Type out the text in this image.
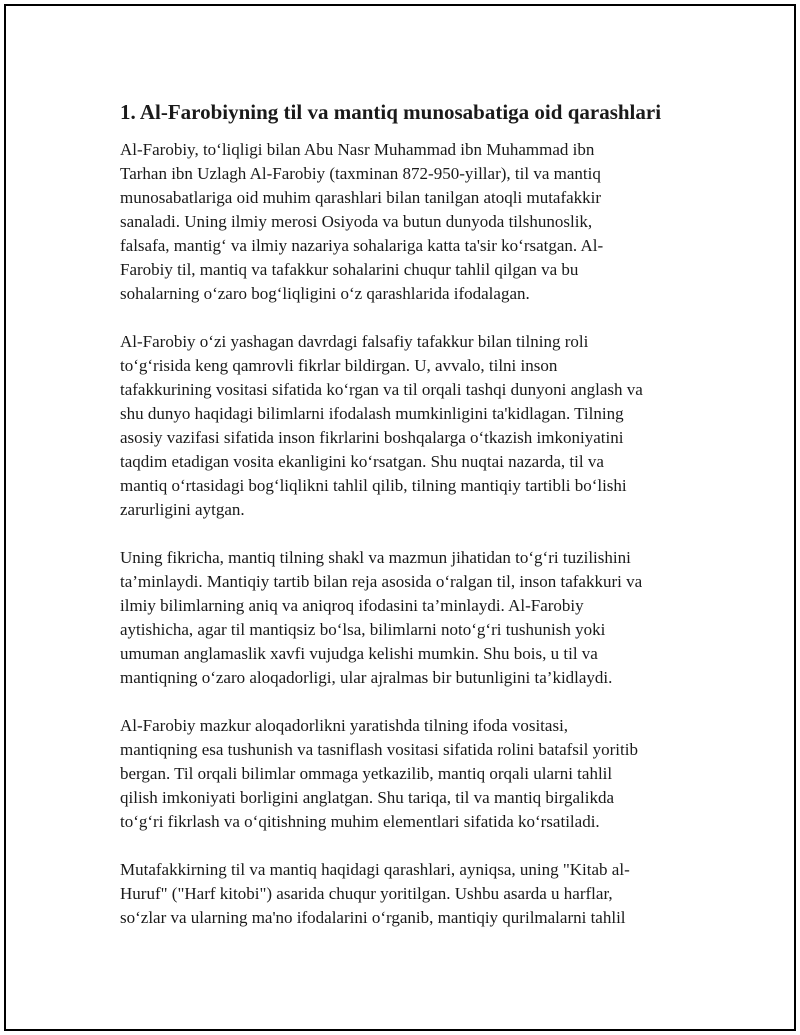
1. Al-Farobiyning til va mantiq munosabatiga oid qarashlari

Al-Farobiy, to‘liqligi bilan Abu Nasr Muhammad ibn Muhammad ibn
Tarhan ibn Uzlagh Al-Farobiy (taxminan 872-950-yillar), til va mantiq
munosabatlariga oid muhim qarashlari bilan tanilgan atoqli mutafakkir
sanaladi. Uning ilmiy merosi Osiyoda va butun dunyoda tilshunoslik,
falsafa, mantig‘ va ilmiy nazariya sohalariga katta ta'sir ko‘rsatgan. Al-
Farobiy til, mantiq va tafakkur sohalarini chuqur tahlil qilgan va bu
sohalarning o‘zaro bog‘liqligini o‘z qarashlarida ifodalagan.

Al-Farobiy o‘zi yashagan davrdagi falsafiy tafakkur bilan tilning roli
to‘g‘risida keng qamrovli fikrlar bildirgan. U, avvalo, tilni inson
tafakkurining vositasi sifatida ko‘rgan va til orqali tashqi dunyoni anglash va
shu dunyo haqidagi bilimlarni ifodalash mumkinligini ta'kidlagan. Tilning
asosiy vazifasi sifatida inson fikrlarini boshqalarga o‘tkazish imkoniyatini
taqdim etadigan vosita ekanligini ko‘rsatgan. Shu nuqtai nazarda, til va
mantiq o‘rtasidagi bog‘liqlikni tahlil qilib, tilning mantiqiy tartibli bo‘lishi
zarurligini aytgan.

Uning fikricha, mantiq tilning shakl va mazmun jihatidan to‘g‘ri tuzilishini
ta’minlaydi. Mantiqiy tartib bilan reja asosida o‘ralgan til, inson tafakkuri va
ilmiy bilimlarning aniq va aniqroq ifodasini ta’minlaydi. Al-Farobiy
aytishicha, agar til mantiqsiz bo‘lsa, bilimlarni noto‘g‘ri tushunish yoki
umuman anglamaslik xavfi vujudga kelishi mumkin. Shu bois, u til va
mantiqning o‘zaro aloqadorligi, ular ajralmas bir butunligini ta’kidlaydi.

Al-Farobiy mazkur aloqadorlikni yaratishda tilning ifoda vositasi,
mantiqning esa tushunish va tasniflash vositasi sifatida rolini batafsil yoritib
bergan. Til orqali bilimlar ommaga yetkazilib, mantiq orqali ularni tahlil
qilish imkoniyati borligini anglatgan. Shu tariqa, til va mantiq birgalikda
to‘g‘ri fikrlash va o‘qitishning muhim elementlari sifatida ko‘rsatiladi.

Mutafakkirning til va mantiq haqidagi qarashlari, ayniqsa, uning "Kitab al-
Huruf" ("Harf kitobi") asarida chuqur yoritilgan. Ushbu asarda u harflar,
so‘zlar va ularning ma'no ifodalarini o‘rganib, mantiqiy qurilmalarni tahlil
